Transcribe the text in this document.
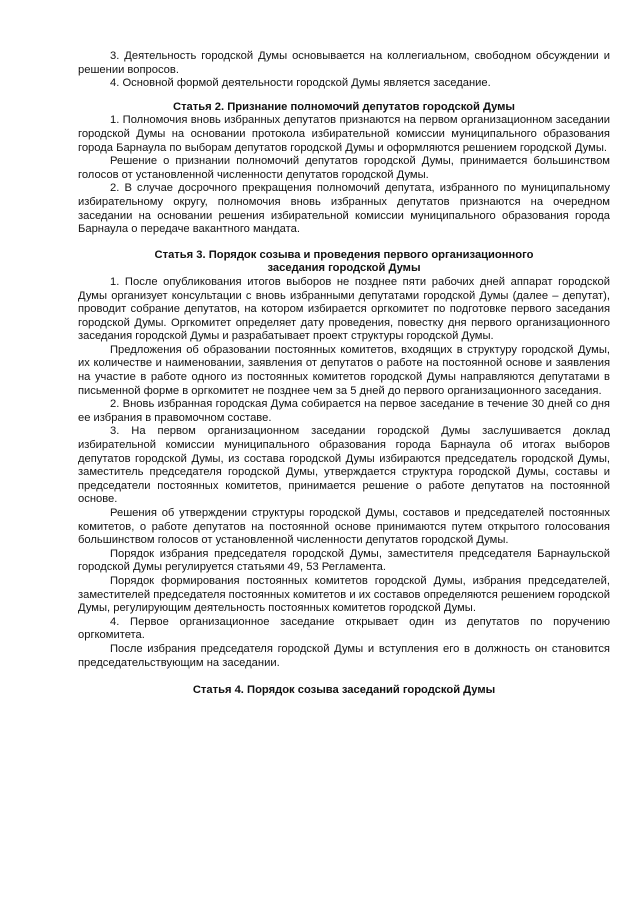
3. Деятельность городской Думы основывается на коллегиальном, свободном обсуждении и решении вопросов.

4. Основной формой деятельности городской Думы является заседание.

Статья 2. Признание полномочий депутатов городской Думы

1. Полномочия вновь избранных депутатов признаются на первом организационном заседании городской Думы на основании протокола избирательной комиссии муниципального образования города Барнаула по выборам депутатов городской Думы и оформляются решением городской Думы.

Решение о признании полномочий депутатов городской Думы, принимается большинством голосов от установленной численности депутатов городской Думы.

2. В случае досрочного прекращения полномочий депутата, избранного по муниципальному избирательному округу, полномочия вновь избранных депутатов признаются на очередном заседании на основании решения избирательной комиссии муниципального образования города Барнаула о передаче вакантного мандата.

Статья 3. Порядок созыва и проведения первого организационного
заседания городской Думы

1. После опубликования итогов выборов не позднее пяти рабочих дней аппарат городской Думы организует консультации с вновь избранными депутатами городской Думы (далее – депутат), проводит собрание депутатов, на котором избирается оргкомитет по подготовке первого заседания городской Думы. Оргкомитет определяет дату проведения, повестку дня первого организационного заседания городской Думы и разрабатывает проект структуры городской Думы.

Предложения об образовании постоянных комитетов, входящих в структуру городской Думы, их количестве и наименовании, заявления от депутатов о работе на постоянной основе и заявления на участие в работе одного из постоянных комитетов городской Думы направляются депутатами в письменной форме в оргкомитет не позднее чем за 5 дней до первого организационного заседания.

2. Вновь избранная городская Дума собирается на первое заседание в течение 30 дней со дня ее избрания в правомочном составе.

3. На первом организационном заседании городской Думы заслушивается доклад избирательной комиссии муниципального образования города Барнаула об итогах выборов депутатов городской Думы, из состава городской Думы избираются председатель городской Думы, заместитель председателя городской Думы, утверждается структура городской Думы, составы и председатели постоянных комитетов, принимается решение о работе депутатов на постоянной основе.

Решения об утверждении структуры городской Думы, составов и председателей постоянных комитетов, о работе депутатов на постоянной основе принимаются путем открытого голосования большинством голосов от установленной численности депутатов городской Думы.

Порядок избрания председателя городской Думы, заместителя председателя Барнаульской городской Думы регулируется статьями 49, 53 Регламента.

Порядок формирования постоянных комитетов городской Думы, избрания председателей, заместителей председателя постоянных комитетов и их составов определяются решением городской Думы, регулирующим деятельность постоянных комитетов городской Думы.

4. Первое организационное заседание открывает один из депутатов по поручению оргкомитета.

После избрания председателя городской Думы и вступления его в должность он становится председательствующим на заседании.

Статья 4. Порядок созыва заседаний городской Думы
